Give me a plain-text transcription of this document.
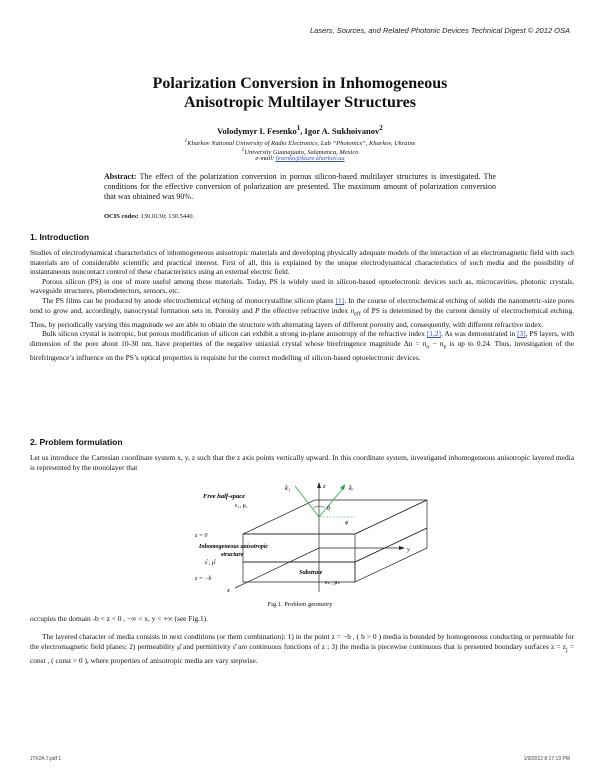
Lasers, Sources, and Related Photonic Devices Technical Digest © 2012 OSA
Polarization Conversion in Inhomogeneous
Anisotropic Multilayer Structures
Volodymyr I. Fesenko$^1$, Igor A. Sukhoivanov$^2$
$^1$Kharkov National University of Radio Electronics, Lab “Photonics”, Kharkov, Ukraine
$^2$University Guanajuato, Salamanca, Mexico
e-mail: fesenko@kture.kharkov.ua
Abstract: The effect of the polarization conversion in porous silicon-based multilayer structures is investigated. The conditions for the effective conversion of polarization are presented. The maximum amount of polarization conversion that was obtained was 90%.
OCIS codes: 130.0130; 130.5440.
1. Introduction
Studies of electrodynamical characteristics of inhomogeneous anisotropic materials and developing physically adequate models of the interaction of an electromagnetic field with such materials are of considerable scientific and practical interest. First of all, this is explained by the unique electrodynamical characteristics of such media and the possibility of instantaneous noncontact control of these characteristics using an external electric field.
Porous silicon (PS) is one of more useful among these materials. Today, PS is widely used in silicon-based optoelectronic devices such as, microcavities, photonic crystals, waveguide structures, photodetectors, sensors, etc.
The PS films can be produced by anode electrochemical etching of monocrystalline silicon plates [1]. In the course of electrochemical etching of solids the nanometric-size pores tend to grow and, accordingly, nanocrystal formation sets in. Porosity and P the effective refractive index $n_{eff}$ of PS is determined by the current density of electrochemical etching. Thus, by periodically varying this magnitude we are able to obtain the structure with alternating layers of different porosity and, consequently, with different refractive index.
Bulk silicon crystal is isotropic, but porous modification of silicon can exhibit a strong in-plane anisotropy of the refractive index [1,2]. As was demonstrated in [3], PS layers, with dimension of the pore about 10-30 nm, have properties of the negative uniaxial crystal whose birefringence magnitude $\Delta n = n_o - n_e$ is up to 0.24. Thus, investigation of the birefringence’s influence on the PS’s optical properties is requisite for the correct modelling of silicon-based optoelectronic devices.
2. Problem formulation
Let us introduce the Cartesian coordinate system x, y, z such that the z axis points vertically upward. In this coordinate system, investigated inhomogeneous anisotropic layered media is represented by the monolayer that
Free half-space
ε₁, μ₁
Inhomogeneous anisotropic
structure
ε̂ , μ̂
Substrate
εₛ , μₛ
z = 0
z = −b
z
x
y
k̄₁	k̄ᵣ
θ
φ
Fig.1. Problem geometry
occupies the domain -b < z < 0 , −∞ < x, y < +∞ (see Fig.1).
The layered character of media consists in next conditions (or them combination): 1) in the point z = −b , ( b > 0 ) media is bounded by homogeneous conducting or permeable for the electromagnetic field planes; 2) permeability μ̂ and permittivity ε̂ are continuous functions of z ; 3) the media is piecewise continuous that is presented boundary surfaces $z = z_j$ = const , ( const > 0 ), where properties of anisotropic media are vary stepwise.
JTh2A.7.pdf 1	1/9/2012 8:17:19 PM
